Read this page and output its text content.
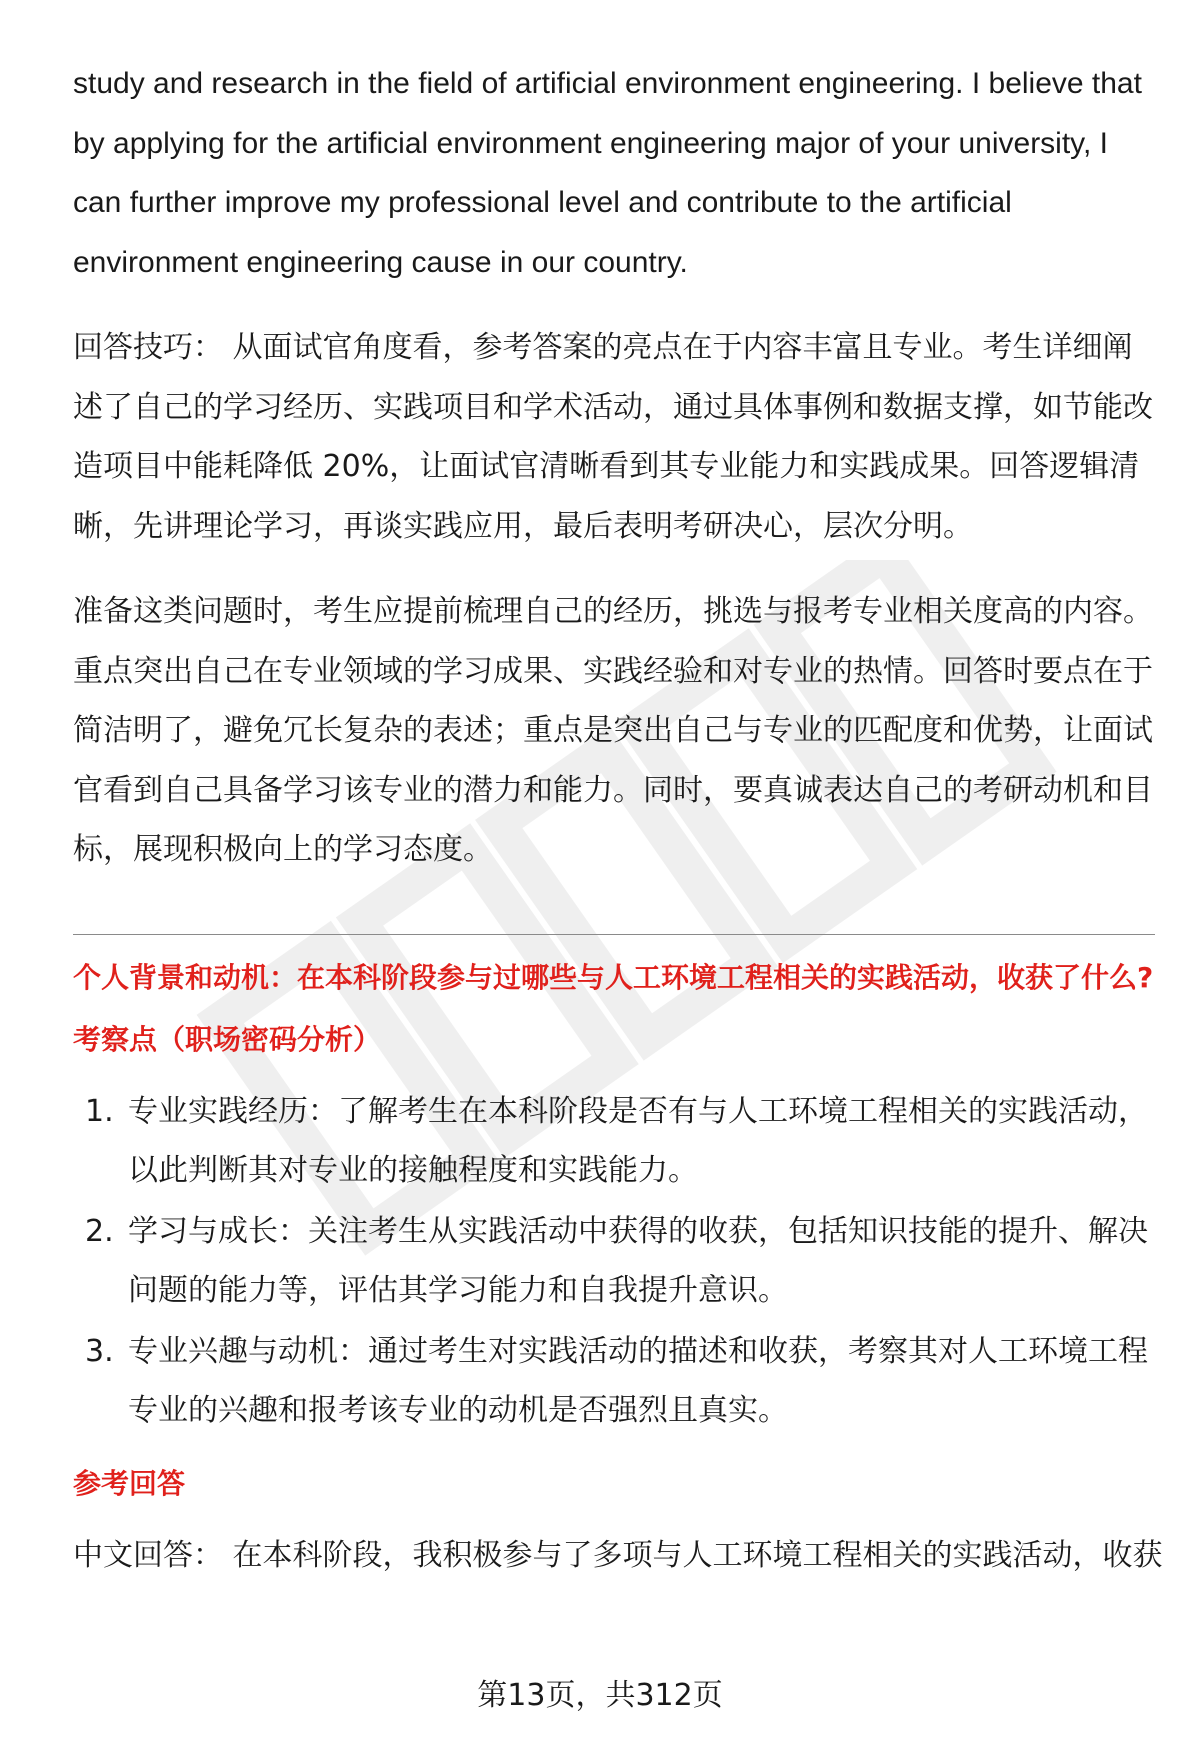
study and research in the field of artificial environment engineering. I believe that by applying for the artificial environment engineering major of your university, I can further improve my professional level and contribute to the artificial environment engineering cause in our country.

回答技巧： 从面试官角度看，参考答案的亮点在于内容丰富且专业。考生详细阐述了自己的学习经历、实践项目和学术活动，通过具体事例和数据支撑，如节能改造项目中能耗降低 20%，让面试官清晰看到其专业能力和实践成果。回答逻辑清晰，先讲理论学习，再谈实践应用，最后表明考研决心，层次分明。

准备这类问题时，考生应提前梳理自己的经历，挑选与报考专业相关度高的内容。重点突出自己在专业领域的学习成果、实践经验和对专业的热情。回答时要点在于简洁明了，避免冗长复杂的表述；重点是突出自己与专业的匹配度和优势，让面试官看到自己具备学习该专业的潜力和能力。同时，要真诚表达自己的考研动机和目标，展现积极向上的学习态度。

个人背景和动机：在本科阶段参与过哪些与人工环境工程相关的实践活动，收获了什么?

考察点（职场密码分析）

1. 专业实践经历：了解考生在本科阶段是否有与人工环境工程相关的实践活动，以此判断其对专业的接触程度和实践能力。
2. 学习与成长：关注考生从实践活动中获得的收获，包括知识技能的提升、解决问题的能力等，评估其学习能力和自我提升意识。
3. 专业兴趣与动机：通过考生对实践活动的描述和收获，考察其对人工环境工程专业的兴趣和报考该专业的动机是否强烈且真实。

参考回答

中文回答： 在本科阶段，我积极参与了多项与人工环境工程相关的实践活动，收获

第13页，共312页
